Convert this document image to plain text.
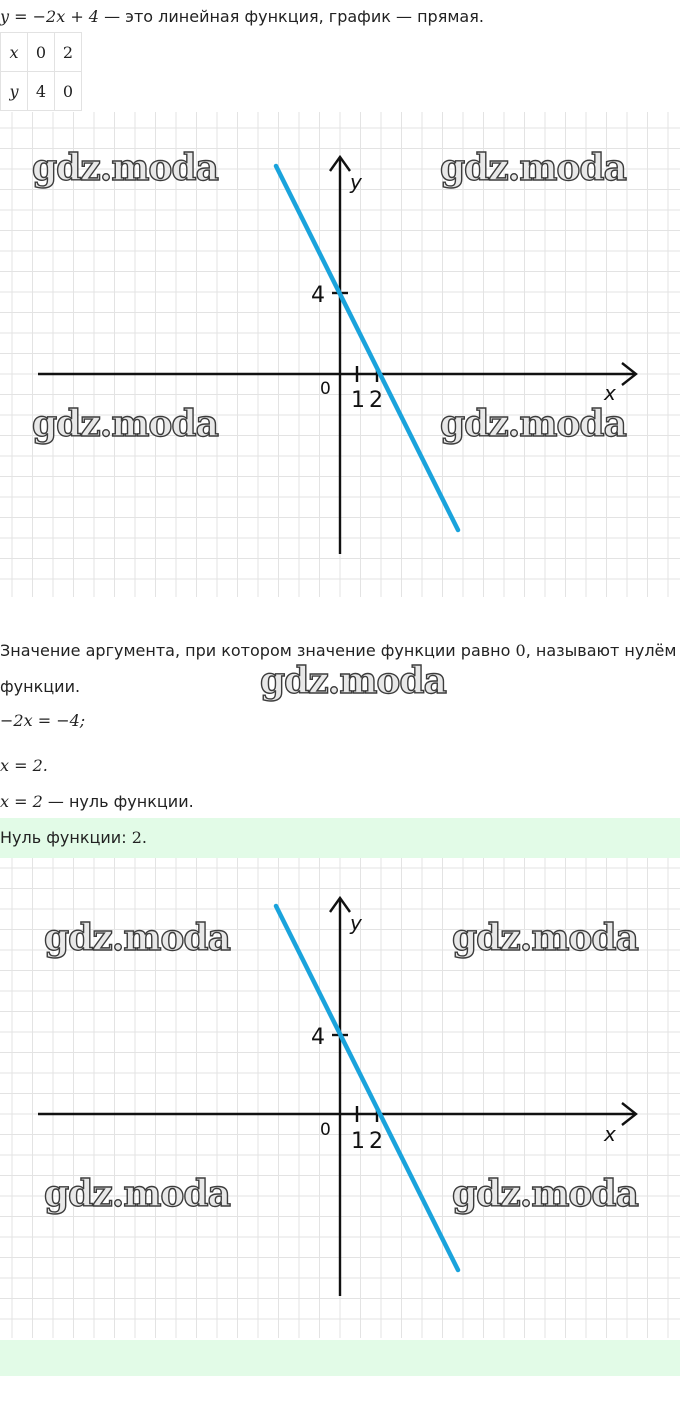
y = −2x + 4 — это линейная функция, график — прямая.
x	0	2
y	4	0
gdz.moda	gdz.moda
gdz.moda	gdz.moda
y
x
0 1 2
4
Значение аргумента, при котором значение функции равно 0, называют нулём
функции.	gdz.moda
−2x = −4;
x = 2.
x = 2 — нуль функции.
Нуль функции: 2.
gdz.moda	gdz.moda
gdz.moda	gdz.moda
y
x
0 1 2
4
